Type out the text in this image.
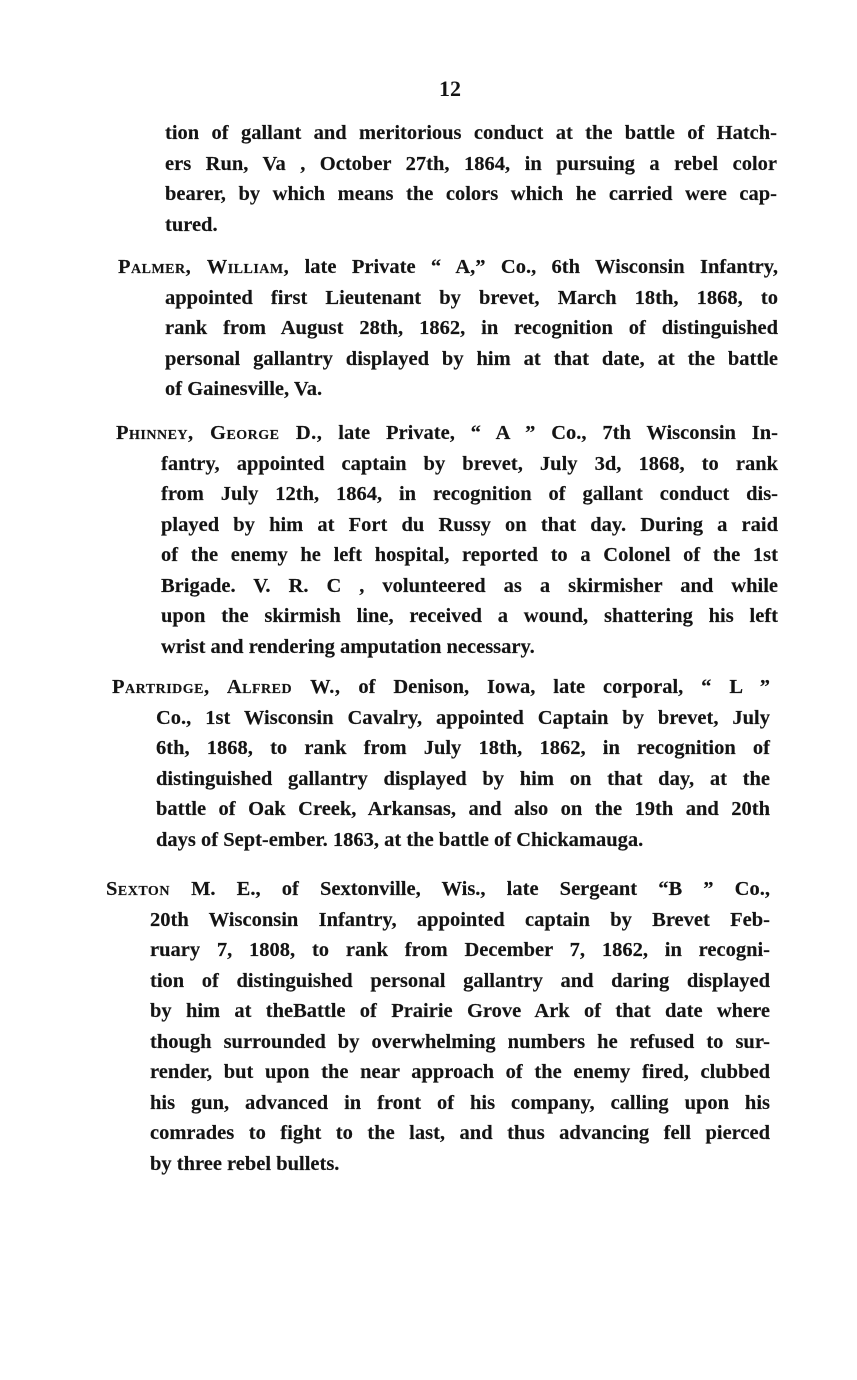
12
tion of gallant and meritorious conduct at the battle of Hatch-
ers Run, Va , October 27th, 1864, in pursuing a rebel color
bearer, by which means the colors which he carried were cap-
tured.
Palmer, William, late Private “ A,” Co., 6th Wisconsin Infantry,
appointed first Lieutenant by brevet, March 18th, 1868, to
rank from August 28th, 1862, in recognition of distinguished
personal gallantry displayed by him at that date, at the battle
of Gainesville, Va.
Phinney, George D., late Private, “ A ” Co., 7th Wisconsin In-
fantry, appointed captain by brevet, July 3d, 1868, to rank
from July 12th, 1864, in recognition of gallant conduct dis-
played by him at Fort du Russy on that day. During a raid
of the enemy he left hospital, reported to a Colonel of the 1st
Brigade. V. R. C , volunteered as a skirmisher and while
upon the skirmish line, received a wound, shattering his left
wrist and rendering amputation necessary.
Partridge, Alfred W., of Denison, Iowa, late corporal, “ L ”
Co., 1st Wisconsin Cavalry, appointed Captain by brevet, July
6th, 1868, to rank from July 18th, 1862, in recognition of
distinguished gallantry displayed by him on that day, at the
battle of Oak Creek, Arkansas, and also on the 19th and 20th
days of Sept-ember. 1863, at the battle of Chickamauga.
Sexton M. E., of Sextonville, Wis., late Sergeant “B ” Co.,
20th Wisconsin Infantry, appointed captain by Brevet Feb-
ruary 7, 1808, to rank from December 7, 1862, in recogni-
tion of distinguished personal gallantry and daring displayed
by him at theBattle of Prairie Grove Ark of that date where
though surrounded by overwhelming numbers he refused to sur-
render, but upon the near approach of the enemy fired, clubbed
his gun, advanced in front of his company, calling upon his
comrades to fight to the last, and thus advancing fell pierced
by three rebel bullets.
